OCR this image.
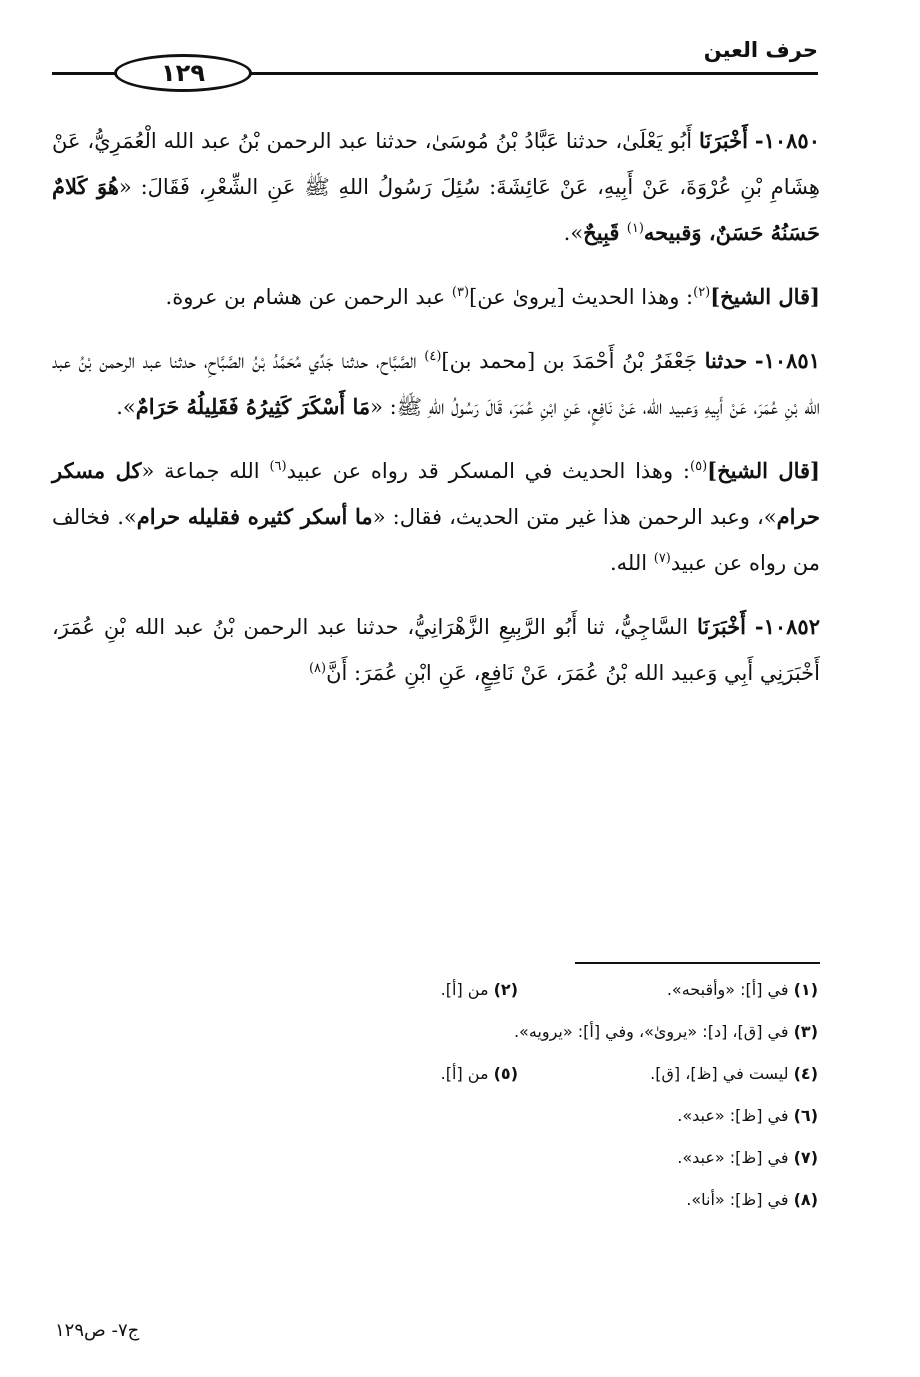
حرف العين
١٢٩

١٠٨٥٠- أَخْبَرَنَا أَبُو يَعْلَىٰ، حدثنا عَبَّادُ بْنُ مُوسَىٰ، حدثنا عبد الرحمن بْنُ عبد الله الْعُمَرِيُّ، عَنْ هِشَامِ بْنِ عُرْوَةَ، عَنْ أَبِيهِ، عَنْ عَائِشَةَ: سُئِلَ رَسُولُ اللهِ ﷺ عَنِ الشِّعْرِ، فَقَالَ: «هُوَ كَلامٌ حَسَنُهُ حَسَنٌ، وَقبيحه$^{(١)}$ قَبِيحٌ».

[قال الشيخ]$^{(٢)}$: وهذا الحديث [يروىٰ عن]$^{(٣)}$ عبد الرحمن عن هشام بن عروة.

١٠٨٥١- حدثنا جَعْفَرُ بْنُ أَحْمَدَ بن [محمد بن]$^{(٤)}$ الصَّبَّاح، حدثنا جَدِّي مُحَمَّدُ بْنُ الصَّبَّاحِ، حدثنا عبد الرحمن بْنُ عبد الله بْنِ عُمَرَ، عَنْ أَبِيهِ وَعبيد الله، عَنْ نَافِعٍ، عَنِ ابْنِ عُمَرَ، قَالَ رَسُولُ اللهِ ﷺ: «مَا أَسْكَرَ كَثِيرُهُ فَقَلِيلُهُ حَرَامٌ».

[قال الشيخ]$^{(٥)}$: وهذا الحديث في المسكر قد رواه عن عبيد$^{(٦)}$ الله جماعة «كل مسكر حرام»، وعبد الرحمن هذا غير متن الحديث، فقال: «ما أسكر كثيره فقليله حرام». فخالف من رواه عن عبيد$^{(٧)}$ الله.

١٠٨٥٢- أَخْبَرَنَا السَّاجِيُّ، ثنا أَبُو الرَّبِيعِ الزَّهْرَانِيُّ، حدثنا عبد الرحمن بْنُ عبد الله بْنِ عُمَرَ، أَخْبَرَنِي أَبِي وَعبيد الله بْنُ عُمَرَ، عَنْ نَافِعٍ، عَنِ ابْنِ عُمَرَ: أَنَّ$^{(٨)}$

(١) في [أ]: «وأقبحه».
(٢) من [أ].
(٣) في [ق]، [د]: «يروىٰ»، وفي [أ]: «يرويه».
(٤) ليست في [ظ]، [ق].
(٥) من [أ].
(٦) في [ظ]: «عبد».
(٧) في [ظ]: «عبد».
(٨) في [ظ]: «أنا».
ج٧- ص١٢٩
